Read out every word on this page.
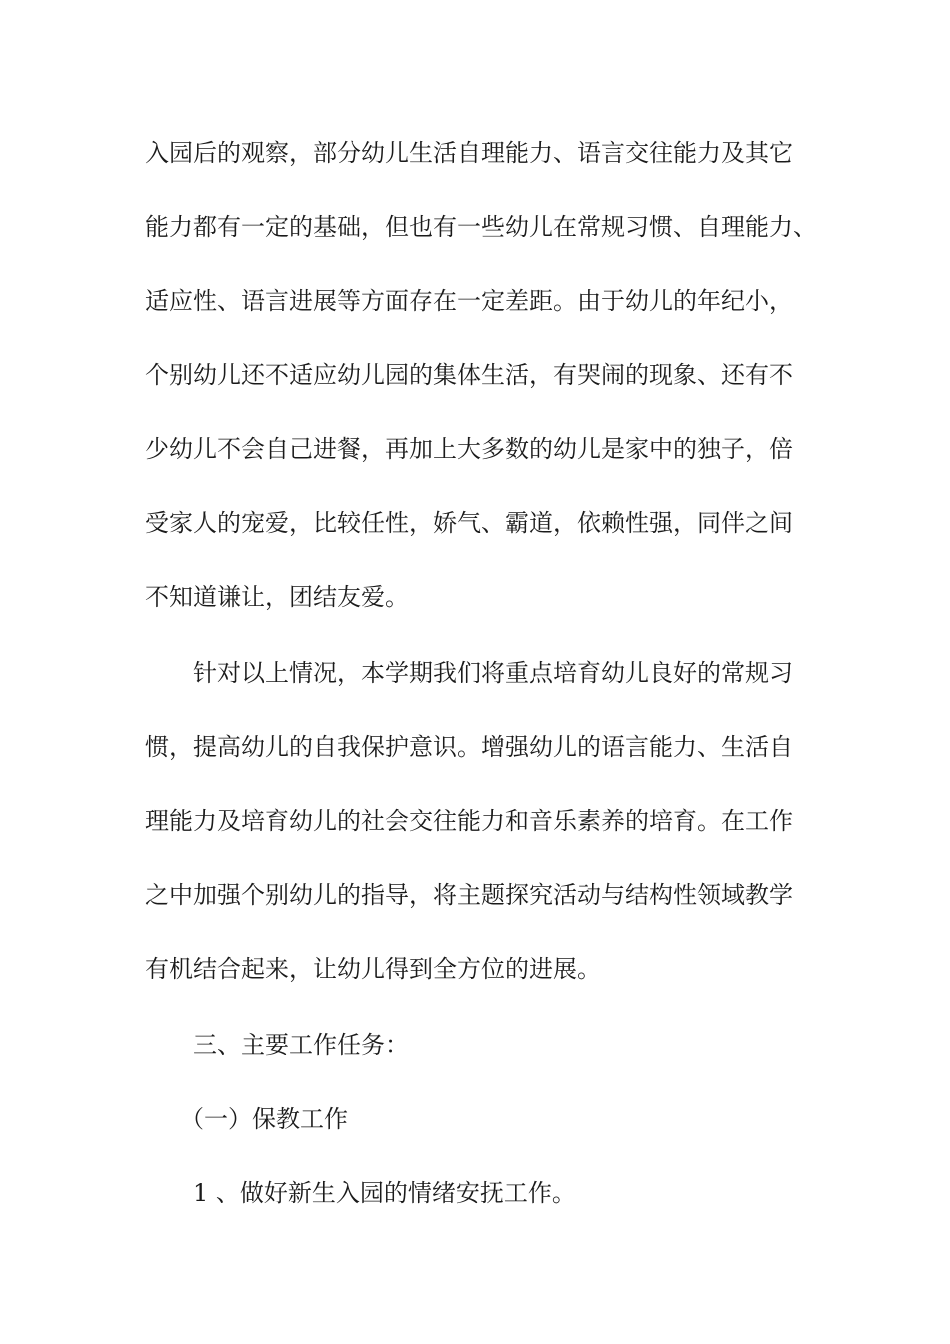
入园后的观察，部分幼儿生活自理能力、语言交往能力及其它
能力都有一定的基础，但也有一些幼儿在常规习惯、自理能力、
适应性、语言进展等方面存在一定差距。由于幼儿的年纪小，
个别幼儿还不适应幼儿园的集体生活，有哭闹的现象、还有不
少幼儿不会自己进餐，再加上大多数的幼儿是家中的独子，倍
受家人的宠爱，比较任性，娇气、霸道，依赖性强，同伴之间
不知道谦让，团结友爱。
针对以上情况，本学期我们将重点培育幼儿良好的常规习
惯，提高幼儿的自我保护意识。增强幼儿的语言能力、生活自
理能力及培育幼儿的社会交往能力和音乐素养的培育。在工作
之中加强个别幼儿的指导，将主题探究活动与结构性领域教学
有机结合起来，让幼儿得到全方位的进展。
三、主要工作任务：
（一）保教工作
1 、做好新生入园的情绪安抚工作。
